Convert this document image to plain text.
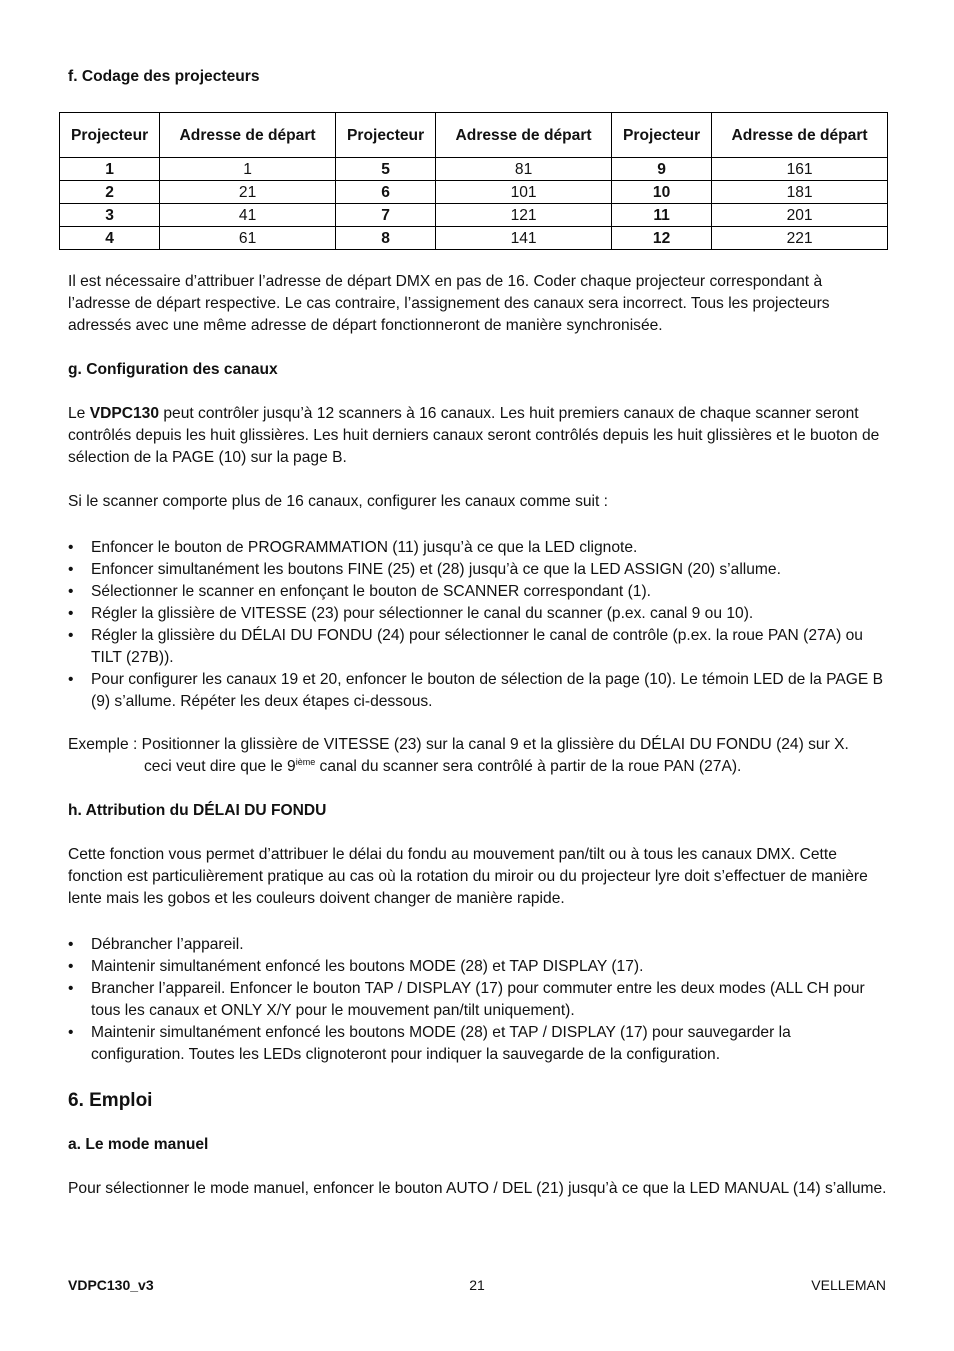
f. Codage des projecteurs

Projecteur	Adresse de départ	Projecteur	Adresse de départ	Projecteur	Adresse de départ
1	1	5	81	9	161
2	21	6	101	10	181
3	41	7	121	11	201
4	61	8	141	12	221

Il est nécessaire d’attribuer l’adresse de départ DMX en pas de 16. Coder chaque projecteur correspondant à l’adresse de départ respective. Le cas contraire, l’assignement des canaux sera incorrect. Tous les projecteurs adressés avec une même adresse de départ fonctionneront de manière synchronisée.

g. Configuration des canaux

Le VDPC130 peut contrôler jusqu’à 12 scanners à 16 canaux. Les huit premiers canaux de chaque scanner seront contrôlés depuis les huit glissières. Les huit derniers canaux seront contrôlés depuis les huit glissières et le buoton de sélection de la PAGE (10) sur la page B.

Si le scanner comporte plus de 16 canaux, configurer les canaux comme suit :

• Enfoncer le bouton de PROGRAMMATION (11) jusqu’à ce que la LED clignote.
• Enfoncer simultanément les boutons FINE (25) et (28) jusqu’à ce que la LED ASSIGN (20) s’allume.
• Sélectionner le scanner en enfonçant le bouton de SCANNER correspondant (1).
• Régler la glissière de VITESSE (23) pour sélectionner le canal du scanner (p.ex. canal 9 ou 10).
• Régler la glissière du DÉLAI DU FONDU (24) pour sélectionner le canal de contrôle (p.ex. la roue PAN (27A) ou TILT (27B)).
• Pour configurer les canaux 19 et 20, enfoncer le bouton de sélection de la page (10). Le témoin LED de la PAGE B (9) s’allume. Répéter les deux étapes ci-dessous.

Exemple : Positionner la glissière de VITESSE (23) sur la canal 9 et la glissière du DÉLAI DU FONDU (24) sur X.

ceci veut dire que le 9ième canal du scanner sera contrôlé à partir de la roue PAN (27A).

h. Attribution du DÉLAI DU FONDU

Cette fonction vous permet d’attribuer le délai du fondu au mouvement pan/tilt ou à tous les canaux DMX. Cette fonction est particulièrement pratique au cas où la rotation du miroir ou du projecteur lyre doit s’effectuer de manière lente mais les gobos et les couleurs doivent changer de manière rapide.

• Débrancher l’appareil.
• Maintenir simultanément enfoncé les boutons MODE (28) et TAP DISPLAY (17).
• Brancher l’appareil. Enfoncer le bouton TAP / DISPLAY (17) pour commuter entre les deux modes (ALL CH pour tous les canaux et ONLY X/Y pour le mouvement pan/tilt uniquement).
• Maintenir simultanément enfoncé les boutons MODE (28) et TAP / DISPLAY (17) pour sauvegarder la configuration. Toutes les LEDs clignoteront pour indiquer la sauvegarde de la configuration.
6. Emploi

a. Le mode manuel

Pour sélectionner le mode manuel, enfoncer le bouton AUTO / DEL (21) jusqu’à ce que la LED MANUAL (14) s’allume.

VDPC130_v3	21	VELLEMAN
